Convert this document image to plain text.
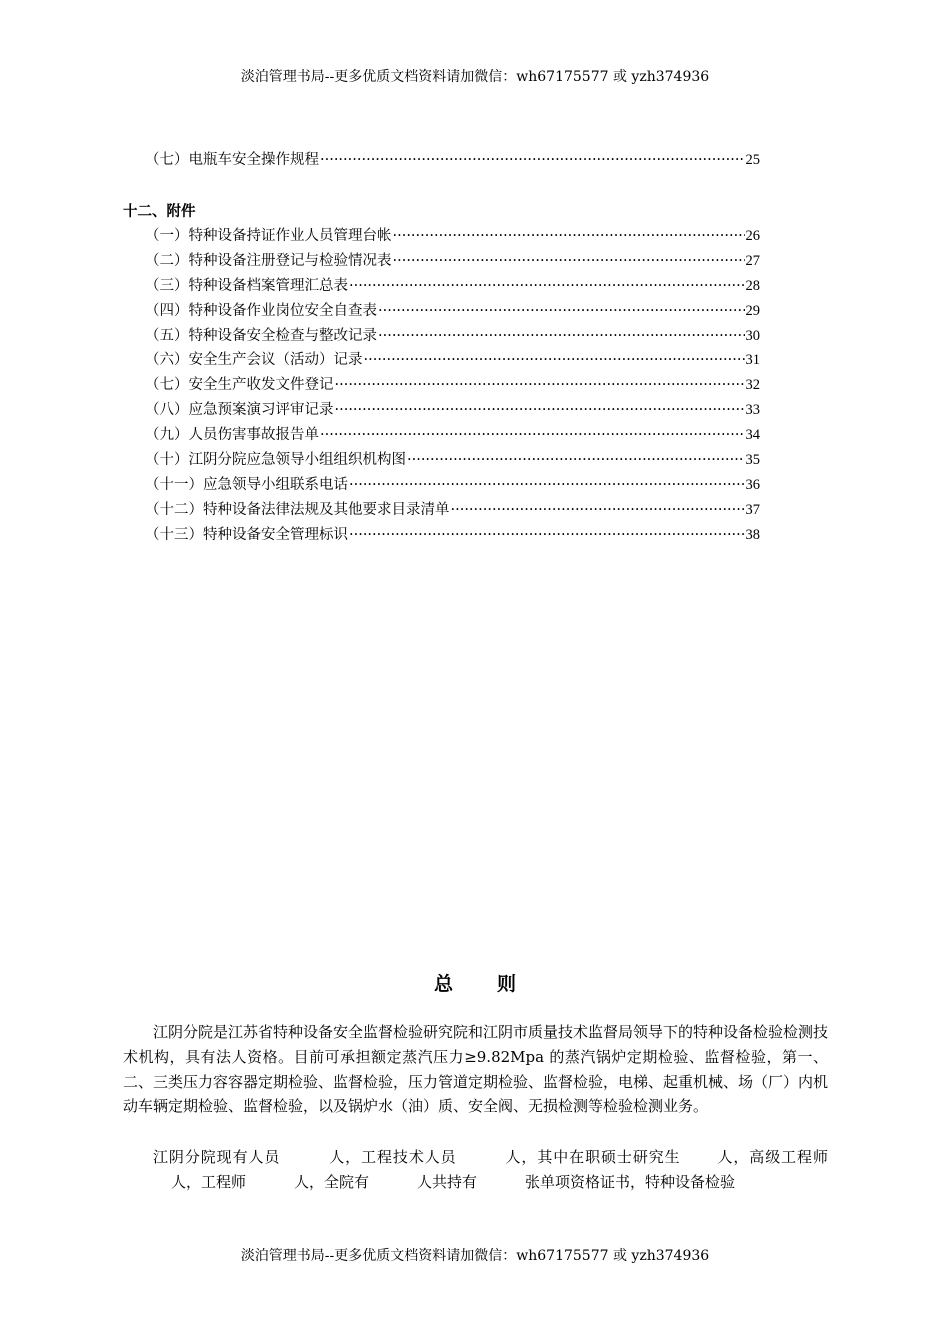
淡泊管理书局--更多优质文档资料请加微信：wh67175577 或 yzh374936
（七）电瓶车安全操作规程 ·····	25
十二、附件
（一）特种设备持证作业人员管理台帐 ·····	26
（二）特种设备注册登记与检验情况表 ·····	27
（三）特种设备档案管理汇总表 ·····	28
（四）特种设备作业岗位安全自查表 ·····	29
（五）特种设备安全检查与整改记录 ·····	30
（六）安全生产会议（活动）记录 ·····	31
（七）安全生产收发文件登记 ·····	32
（八）应急预案演习评审记录 ·····	33
（九）人员伤害事故报告单 ·····	34
（十）江阴分院应急领导小组组织机构图 ·····	35
（十一）应急领导小组联系电话 ·····	36
（十二）特种设备法律法规及其他要求目录清单 ·····	37
（十三）特种设备安全管理标识 ·····	38
总 则
江阴分院是江苏省特种设备安全监督检验研究院和江阴市质量技术监督局领导下的特种设备检验检测技术机构，具有法人资格。目前可承担额定蒸汽压力≥9.82Mpa 的蒸汽锅炉定期检验、监督检验，第一、二、三类压力容容器定期检验、监督检验，压力管道定期检验、监督检验，电梯、起重机械、场（厂）内机动车辆定期检验、监督检验，以及锅炉水（油）质、安全阀、无损检测等检验检测业务。
江阴分院现有人员	人，工程技术人员	人，其中在职硕士研究生 人，高级工程师人，工程师	人，全院有	人共持有	张单项资格证书，特种设备检验
淡泊管理书局--更多优质文档资料请加微信：wh67175577 或 yzh374936
